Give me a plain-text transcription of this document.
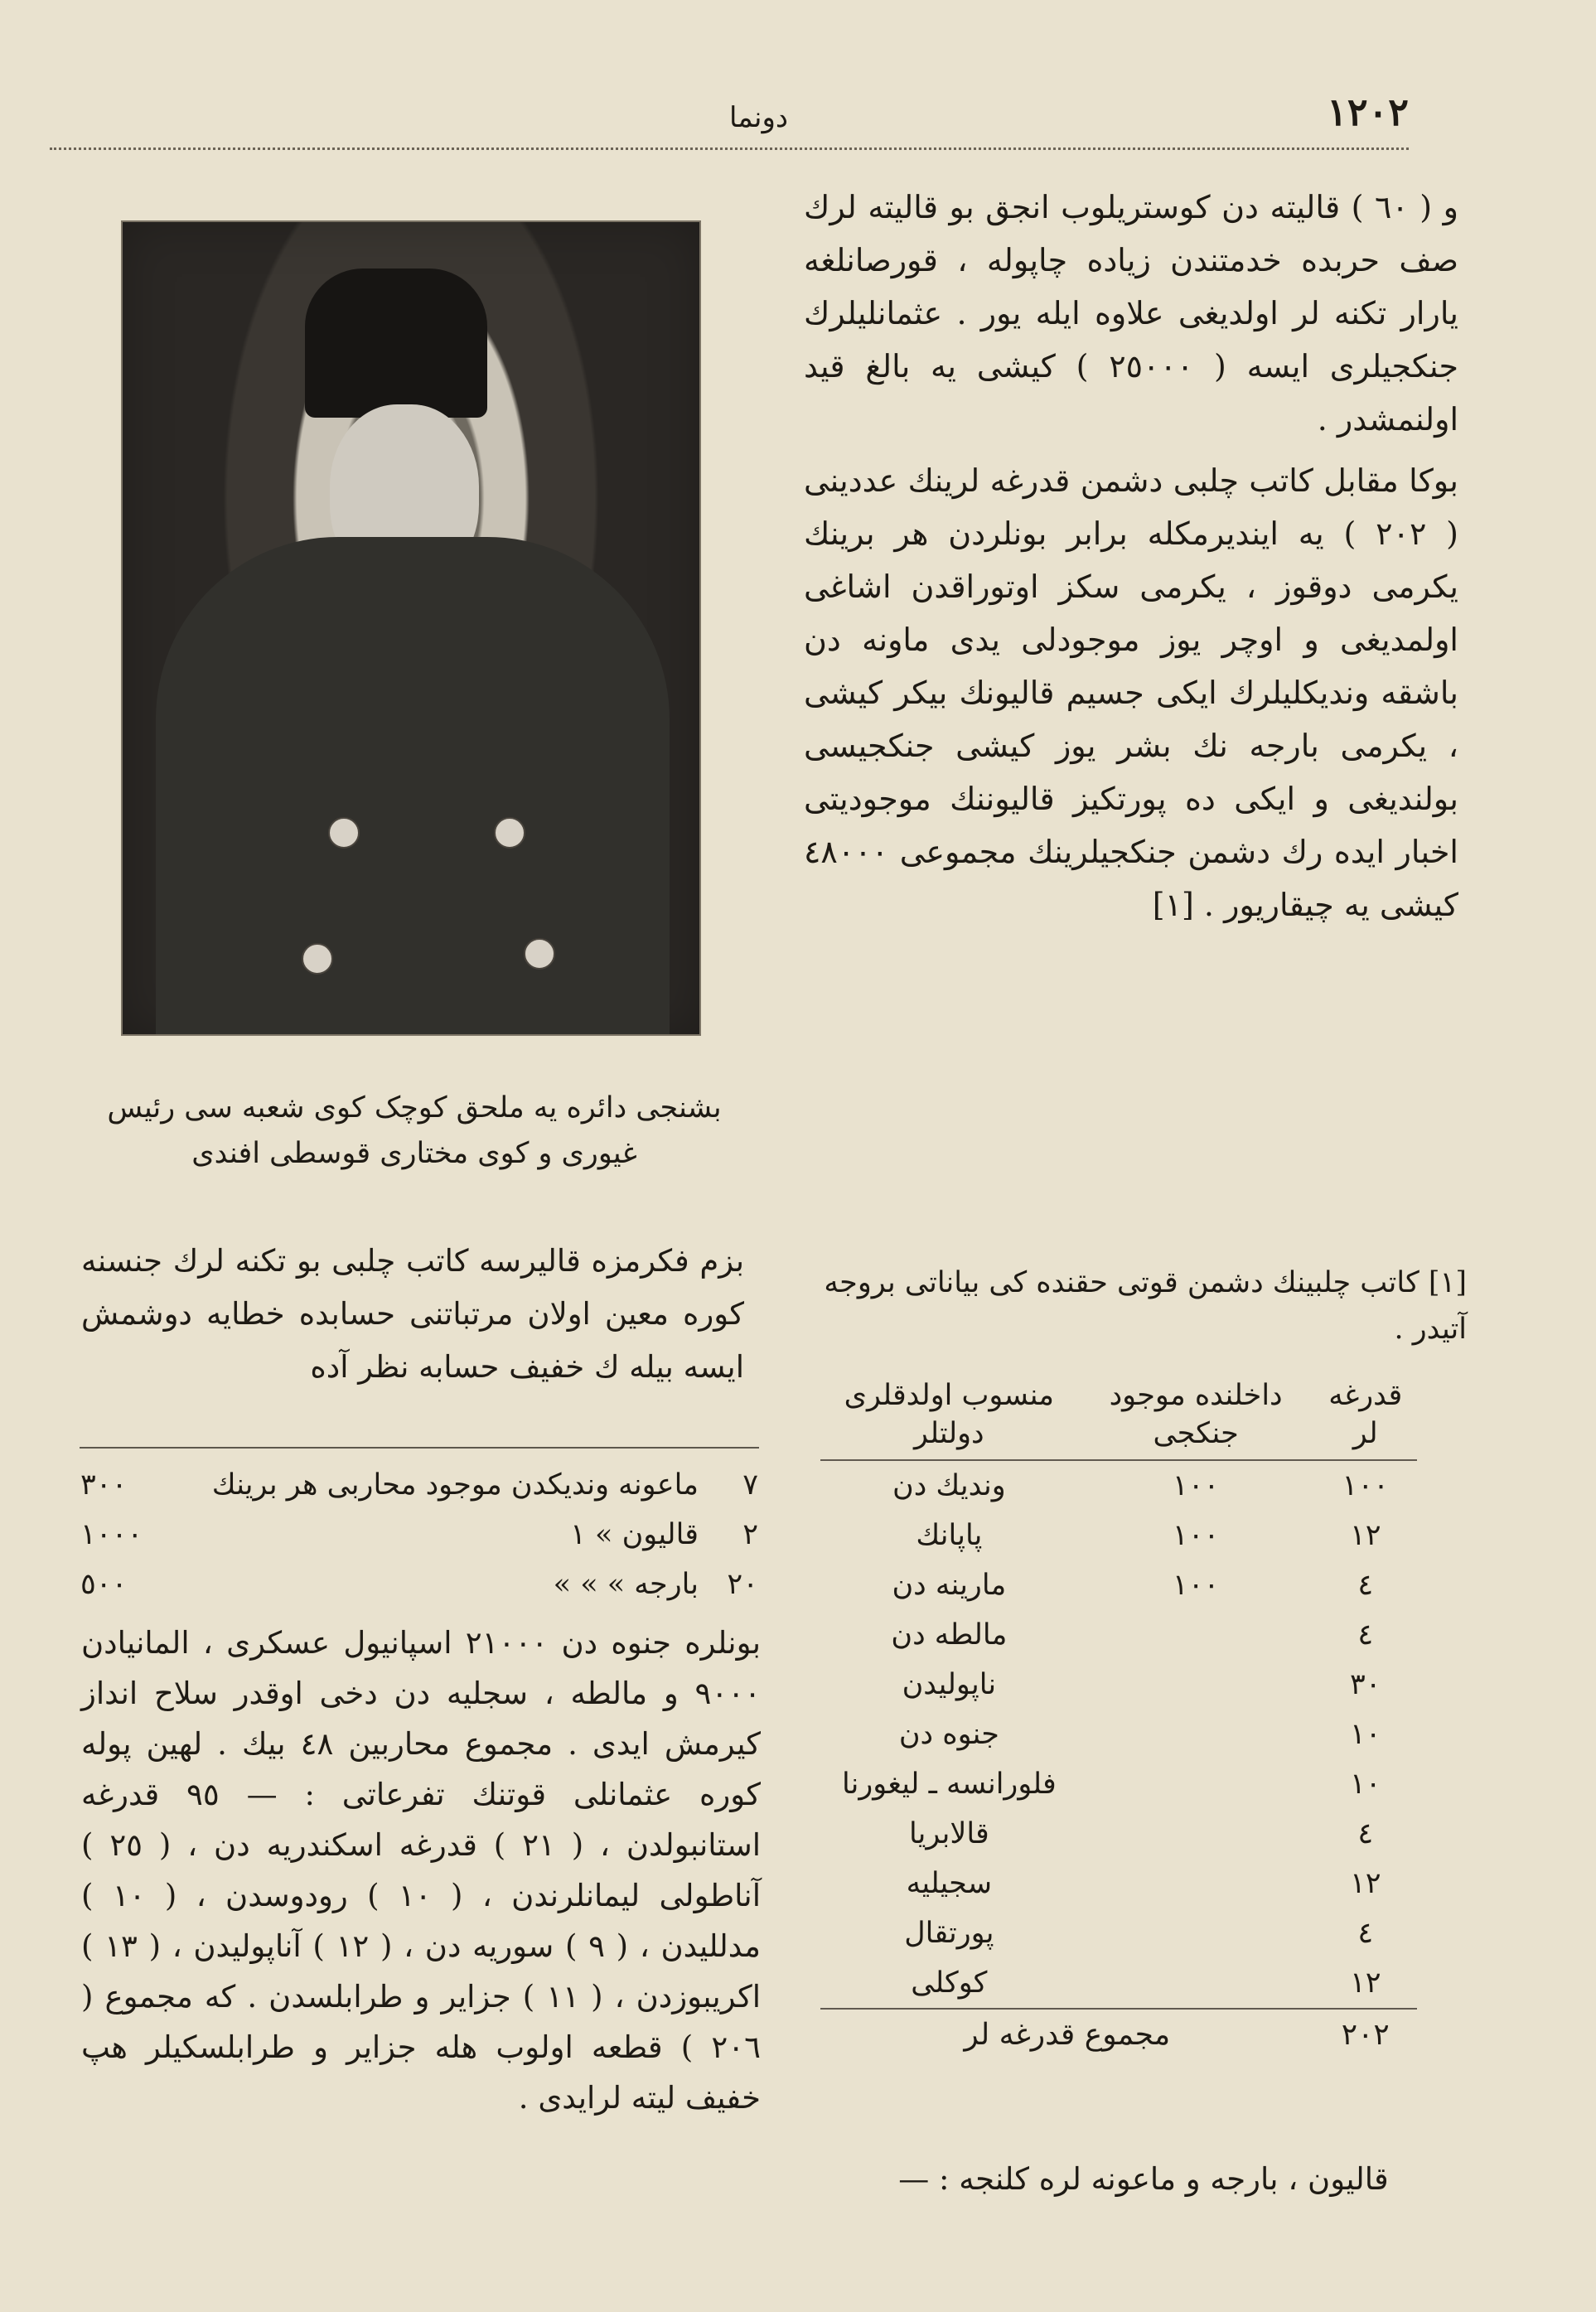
١٢٠٢
دونما
بشنجی دائره یه ملحق کوچک کوی شعبه سی رئیس
غیوری و کوی مختاری قوسطی افندی

و ( ٦٠ ) قالیته دن کوستریلوب انجق بو قالیته لرك صف حربده خدمتندن زیاده چاپوله ، قورصانلغه یارار تکنه لر اولدیغی علاوه ایله یور . عثمانلیلرك جنکجیلری ایسه ( ٢٥٠٠٠ ) کیشی یه بالغ قید اولنمشدر .

بوکا مقابل کاتب چلبی دشمن قدرغه لرینك عددینی ( ٢٠٢ ) یه ایندیرمکله برابر بونلردن هر برینك یکرمی دوقوز ، یکرمی سکز اوتوراقدن اشاغی اولمدیغی و اوچر یوز موجودلی یدی ماونه دن باشقه وندیکلیلرك ایکی جسیم قالیونك بیکر کیشی ، یکرمی بارجه نك بشر یوز کیشی جنکجیسی بولندیغی و ایکی ده پورتکیز قالیوننك موجودیتی اخبار ایده رك دشمن جنکجیلرینك مجموعی ٤٨٠٠٠ کیشی یه چیقاریور . [١]

[١] کاتب چلبینك دشمن قوتی حقنده کی بیاناتی بروجه آتیدر .
قدرغه لر	داخلنده موجود جنکجی	منسوب اولدقلری دولتلر
١٠٠	١٠٠	وندیك دن
١٢	١٠٠	پاپانك
٤	١٠٠	مارینه دن
٤		مالطه دن
٣٠		ناپولیدن
١٠		جنوه دن
١٠		فلورانسه ـ لیغورنا
٤		قالابریا
١٢		سجیلیه
٤		پورتقال
١٢		کوکلی
٢٠٢	مجموع قدرغه لر	
قالیون ، بارجه و ماعونه لره کلنجه : —

بزم فکرمزه قالیرسه کاتب چلبی بو تکنه لرك جنسنه کوره معین اولان مرتباتنی حسابده خطایه دوشمش ایسه بیله ك خفیف حسابه نظر آده

٧	ماعونه وندیکدن موجود محاربی هر برینك	٣٠٠
٢	قالیون » ١	١٠٠٠
٢٠	بارجه » » »	٥٠٠

بونلره جنوه دن ٢١٠٠٠ اسپانیول عسکری ، المانیادن ٩٠٠٠ و مالطه ، سجلیه دن دخی اوقدر سلاح انداز کیرمش ایدی . مجموع محاربین ٤٨ بیك . لهین پوله کوره عثمانلی قوتنك تفرعاتی : — ٩٥ قدرغه استانبولدن ، ( ٢١ ) قدرغه اسکندریه دن ، ( ٢٥ ) آناطولی لیمانلرندن ، ( ١٠ ) رودوسدن ، ( ١٠ ) مدللیدن ، ( ٩ ) سوریه دن ، ( ١٢ ) آناپولیدن ، ( ١٣ ) اکریبوزدن ، ( ١١ ) جزایر و طرابلسدن . که مجموع ( ٢٠٦ ) قطعه اولوب هله جزایر و طرابلسکیلر هپ خفیف لیته لرایدی .
